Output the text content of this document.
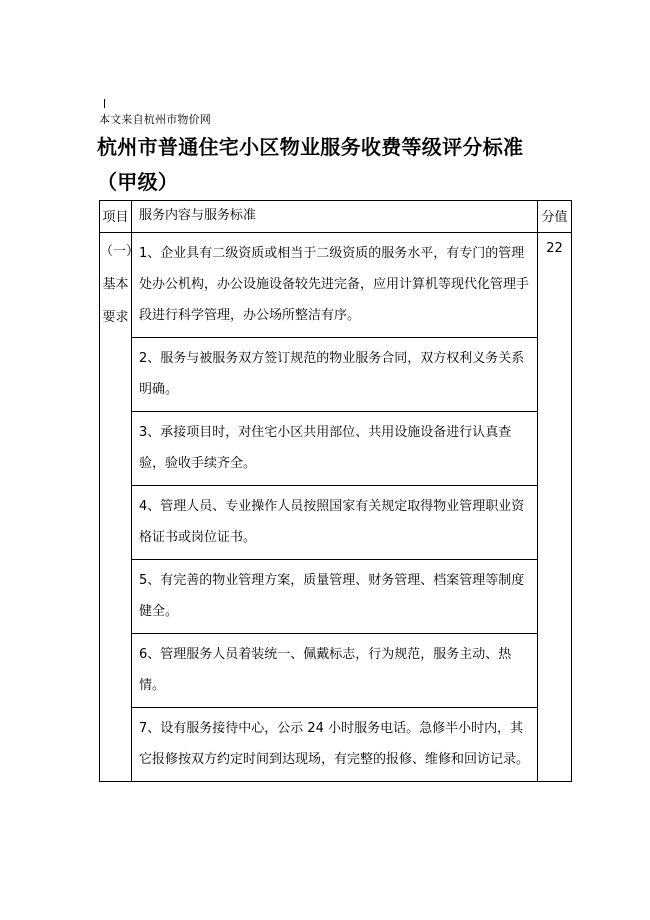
本文来自杭州市物价网
杭州市普通住宅小区物业服务收费等级评分标准（甲级）
项目	服务内容与服务标准	分值
（一）基本要求	1、企业具有二级资质或相当于二级资质的服务水平，有专门的管理处办公机构，办公设施设备较先进完备，应用计算机等现代化管理手段进行科学管理，办公场所整洁有序。	22
	2、服务与被服务双方签订规范的物业服务合同，双方权利义务关系明确。	
	3、承接项目时，对住宅小区共用部位、共用设施设备进行认真查验，验收手续齐全。	
	4、管理人员、专业操作人员按照国家有关规定取得物业管理职业资格证书或岗位证书。	
	5、有完善的物业管理方案，质量管理、财务管理、档案管理等制度健全。	
	6、管理服务人员着装统一、佩戴标志，行为规范，服务主动、热情。	
	7、设有服务接待中心，公示 24 小时服务电话。急修半小时内，其它报修按双方约定时间到达现场，有完整的报修、维修和回访记录。	
